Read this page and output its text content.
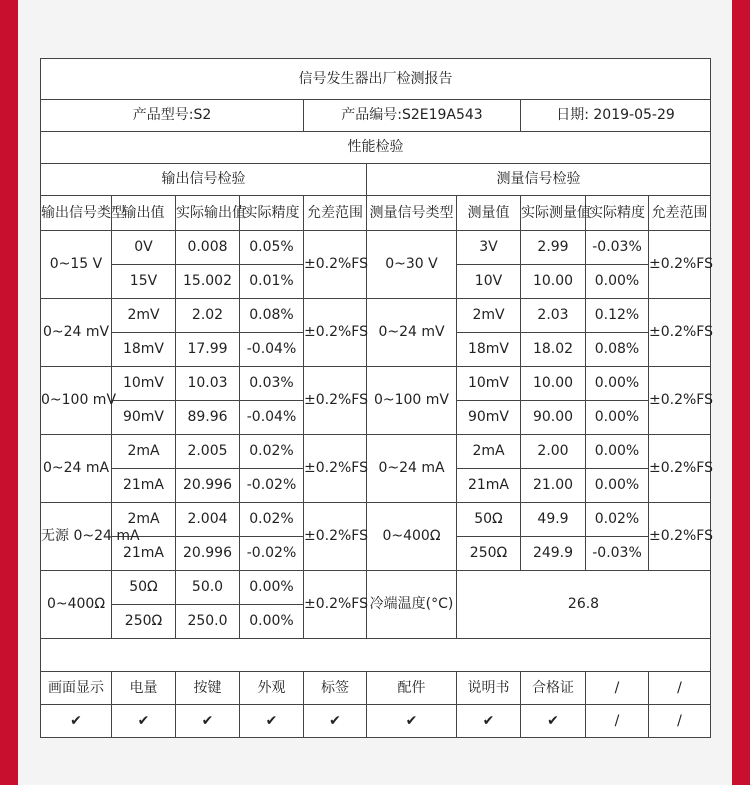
信号发生器出厂检测报告									
产品型号:S2				产品编号:S2E19A543			日期: 2019-05-29		
性能检验									
输出信号检验					测量信号检验				
输出信号类型	输出值	实际输出值	实际精度	允差范围	测量信号类型	测量值	实际测量值	实际精度	允差范围
0~15 V	0V	0.008	0.05%	±0.2%FS	0~30 V	3V	2.99	-0.03%	±0.2%FS
	15V	15.002	0.01%			10V	10.00	0.00%	
0~24 mV	2mV	2.02	0.08%	±0.2%FS	0~24 mV	2mV	2.03	0.12%	±0.2%FS
	18mV	17.99	-0.04%			18mV	18.02	0.08%	
0~100 mV	10mV	10.03	0.03%	±0.2%FS	0~100 mV	10mV	10.00	0.00%	±0.2%FS
	90mV	89.96	-0.04%			90mV	90.00	0.00%	
0~24 mA	2mA	2.005	0.02%	±0.2%FS	0~24 mA	2mA	2.00	0.00%	±0.2%FS
	21mA	20.996	-0.02%			21mA	21.00	0.00%	
无源 0~24 mA	2mA	2.004	0.02%	±0.2%FS	0~400Ω	50Ω	49.9	0.02%	±0.2%FS
	21mA	20.996	-0.02%			250Ω	249.9	-0.03%	
0~400Ω	50Ω	50.0	0.00%	±0.2%FS	冷端温度(°C)	26.8			
	250Ω	250.0	0.00%						

画面显示	电量	按键	外观	标签	配件	说明书	合格证	/	/
✔	✔	✔	✔	✔	✔	✔	✔	/	/
